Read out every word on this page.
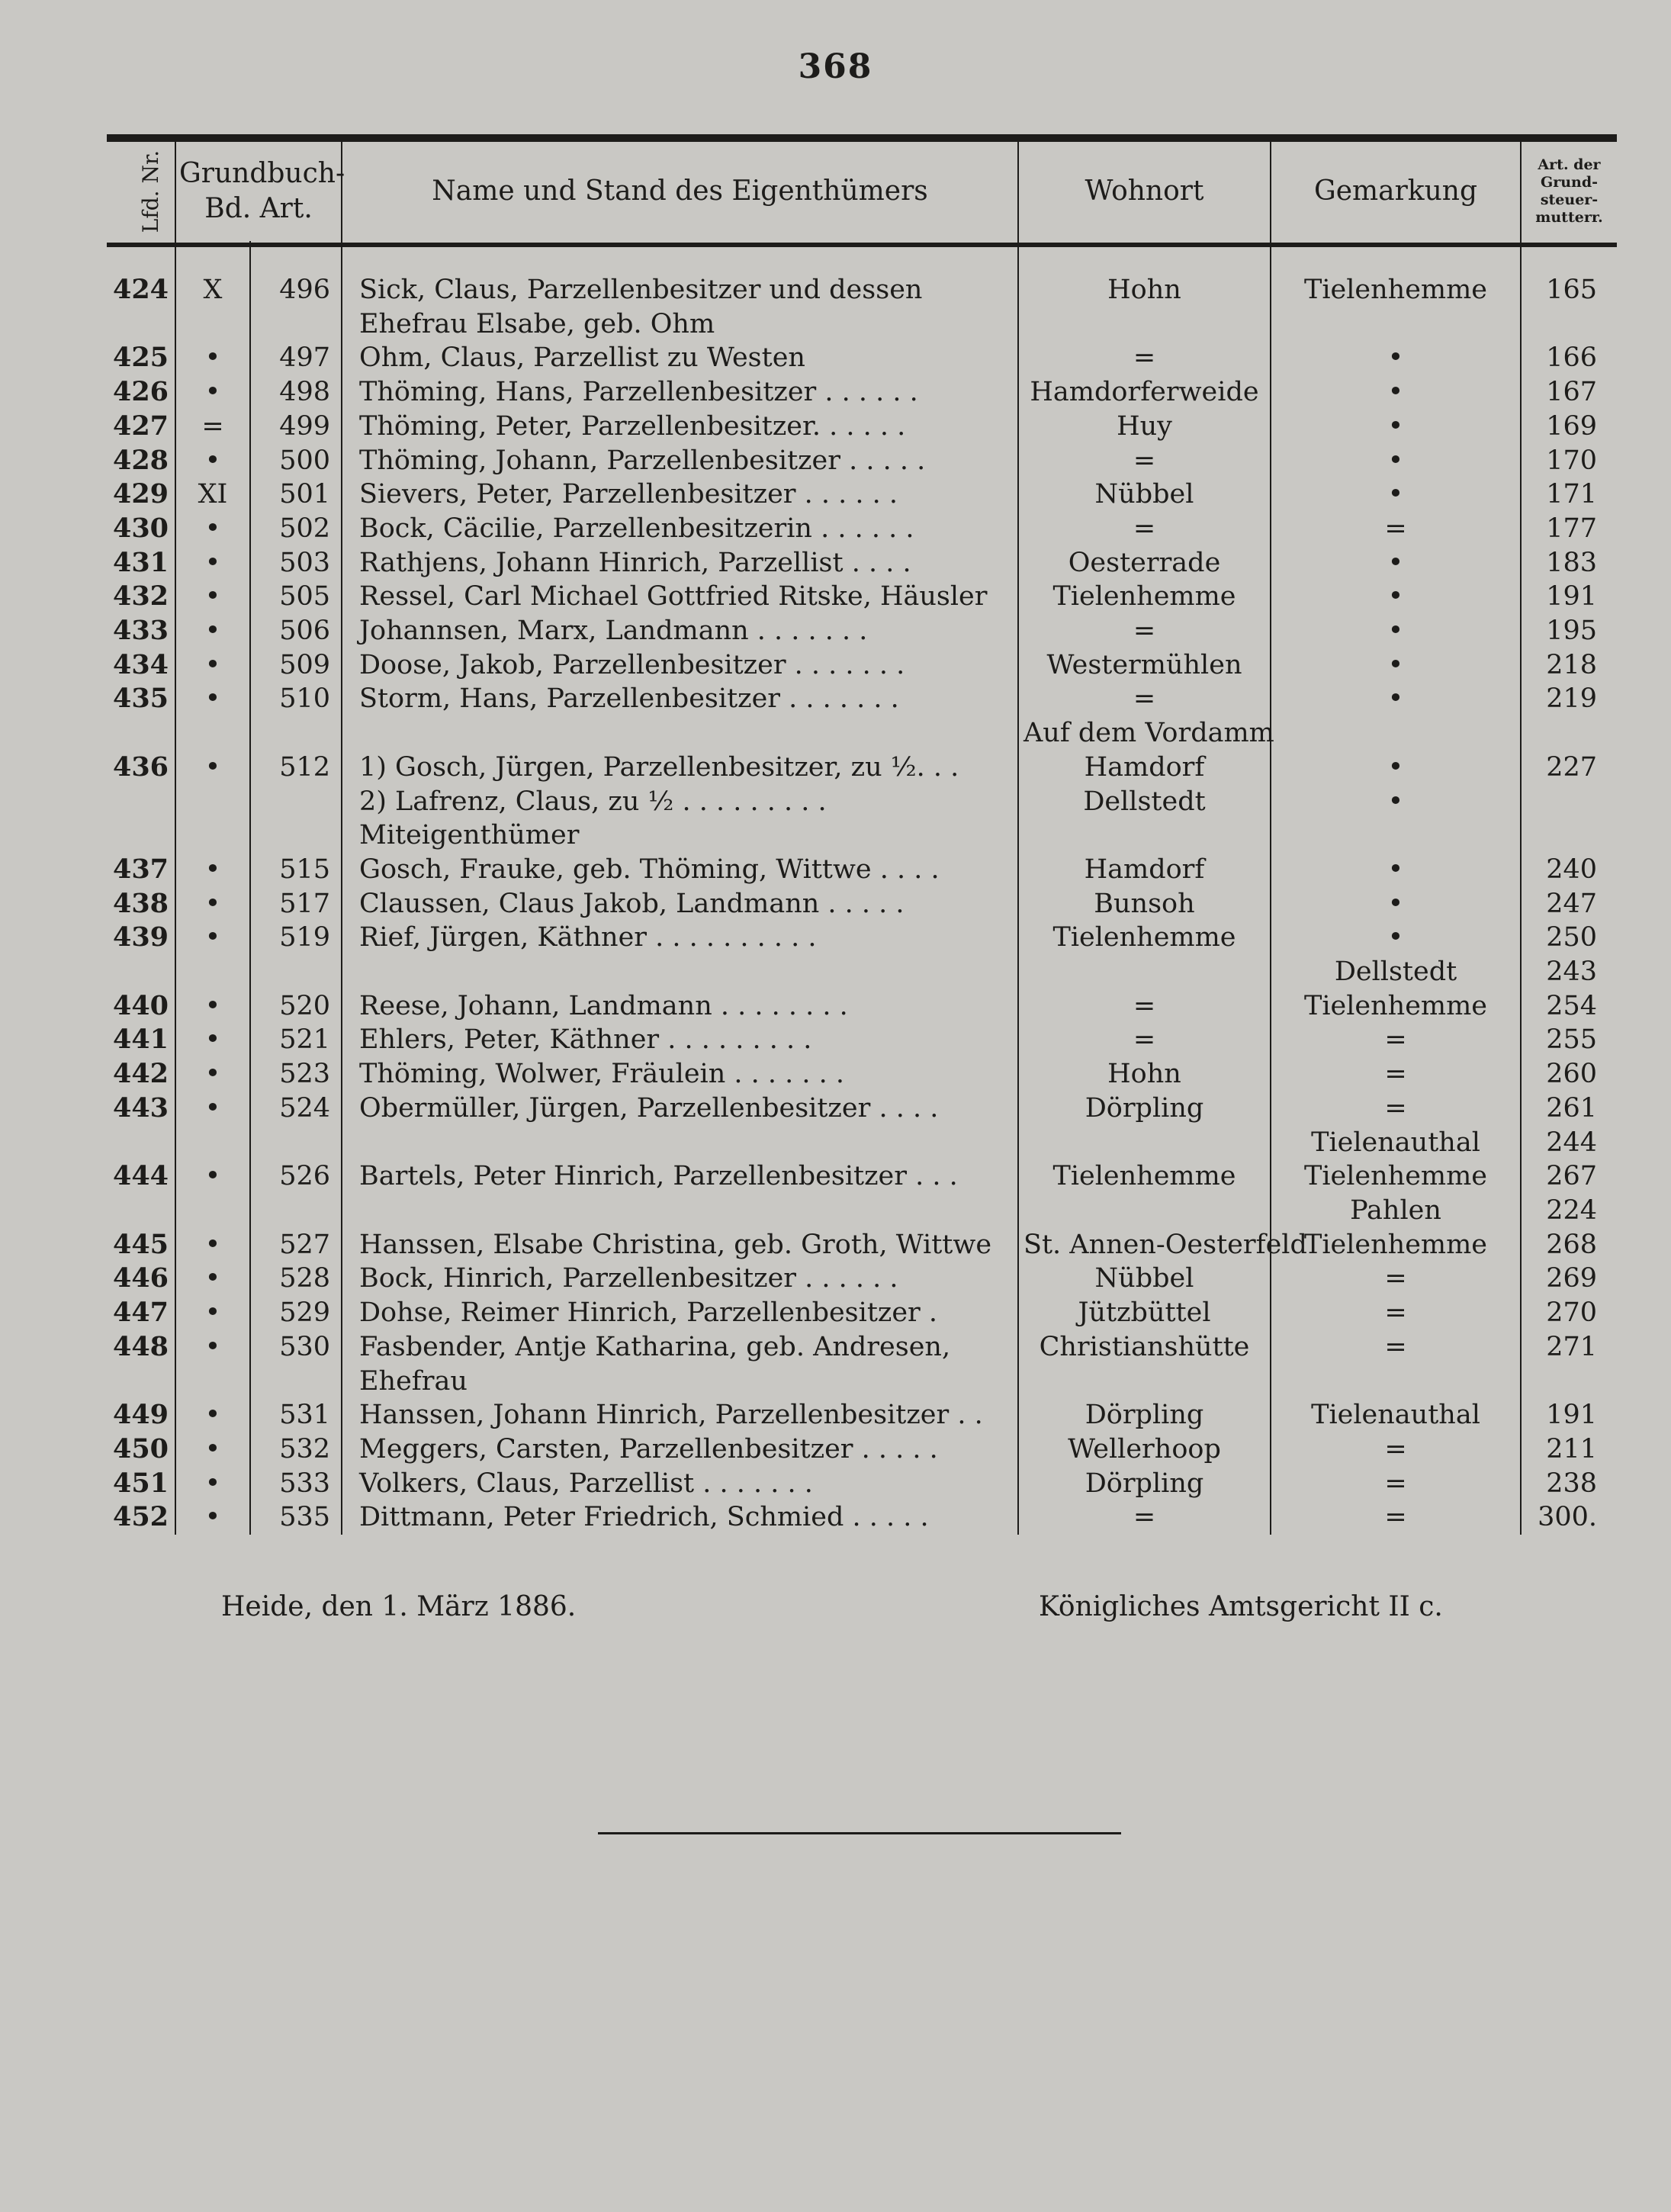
368
Lfd. Nr.	Grundbuch-
Bd. Art.		Name und Stand des Eigenthümers	Wohnort	Gemarkung	Art. der Grund-steuer-mutterr.
424	X	496	Sick, Claus, Parzellenbesitzer und dessen Ehefrau Elsabe, geb. Ohm	Hohn	Tielenhemme	165
425	•	497	Ohm, Claus, Parzellist zu Westen	=	•	166
426	•	498	Thöming, Hans, Parzellenbesitzer . . . . . .	Hamdorferweide	•	167
427	=	499	Thöming, Peter, Parzellenbesitzer. . . . . .	Huy	•	169
428	•	500	Thöming, Johann, Parzellenbesitzer . . . . .	=	•	170
429	XI	501	Sievers, Peter, Parzellenbesitzer . . . . . .	Nübbel	•	171
430	•	502	Bock, Cäcilie, Parzellenbesitzerin . . . . . .	=	=	177
431	•	503	Rathjens, Johann Hinrich, Parzellist . . . .	Oesterrade	•	183
432	•	505	Ressel, Carl Michael Gottfried Ritske, Häusler	Tielenhemme	•	191
433	•	506	Johannsen, Marx, Landmann . . . . . . .	=	•	195
434	•	509	Doose, Jakob, Parzellenbesitzer . . . . . . .	Westermühlen	•	218
435	•	510	Storm, Hans, Parzellenbesitzer . . . . . . .	=	•	219
				Auf dem Vordamm		
436	•	512	1) Gosch, Jürgen, Parzellenbesitzer, zu ½. . .	Hamdorf	•	227
			2) Lafrenz, Claus, zu ½ . . . . . . . . . Miteigenthümer	Dellstedt	•	
437	•	515	Gosch, Frauke, geb. Thöming, Wittwe . . . .	Hamdorf	•	240
438	•	517	Claussen, Claus Jakob, Landmann . . . . .	Bunsoh	•	247
439	•	519	Rief, Jürgen, Käthner . . . . . . . . . .	Tielenhemme	•	250
					Dellstedt	243
440	•	520	Reese, Johann, Landmann . . . . . . . .	=	Tielenhemme	254
441	•	521	Ehlers, Peter, Käthner . . . . . . . . .	=	=	255
442	•	523	Thöming, Wolwer, Fräulein . . . . . . .	Hohn	=	260
443	•	524	Obermüller, Jürgen, Parzellenbesitzer . . . .	Dörpling	=	261
					Tielenauthal	244
444	•	526	Bartels, Peter Hinrich, Parzellenbesitzer . . .	Tielenhemme	Tielenhemme	267
					Pahlen	224
445	•	527	Hanssen, Elsabe Christina, geb. Groth, Wittwe	St. Annen-Oesterfeld	Tielenhemme	268
446	•	528	Bock, Hinrich, Parzellenbesitzer . . . . . .	Nübbel	=	269
447	•	529	Dohse, Reimer Hinrich, Parzellenbesitzer .	Jützbüttel	=	270
448	•	530	Fasbender, Antje Katharina, geb. Andresen, Ehefrau	Christianshütte	=	271
449	•	531	Hanssen, Johann Hinrich, Parzellenbesitzer . .	Dörpling	Tielenauthal	191
450	•	532	Meggers, Carsten, Parzellenbesitzer . . . . .	Wellerhoop	=	211
451	•	533	Volkers, Claus, Parzellist . . . . . . .	Dörpling	=	238
452	•	535	Dittmann, Peter Friedrich, Schmied . . . . .	=	=	300.
Heide, den 1. März 1886.	Königliches Amtsgericht II c.
